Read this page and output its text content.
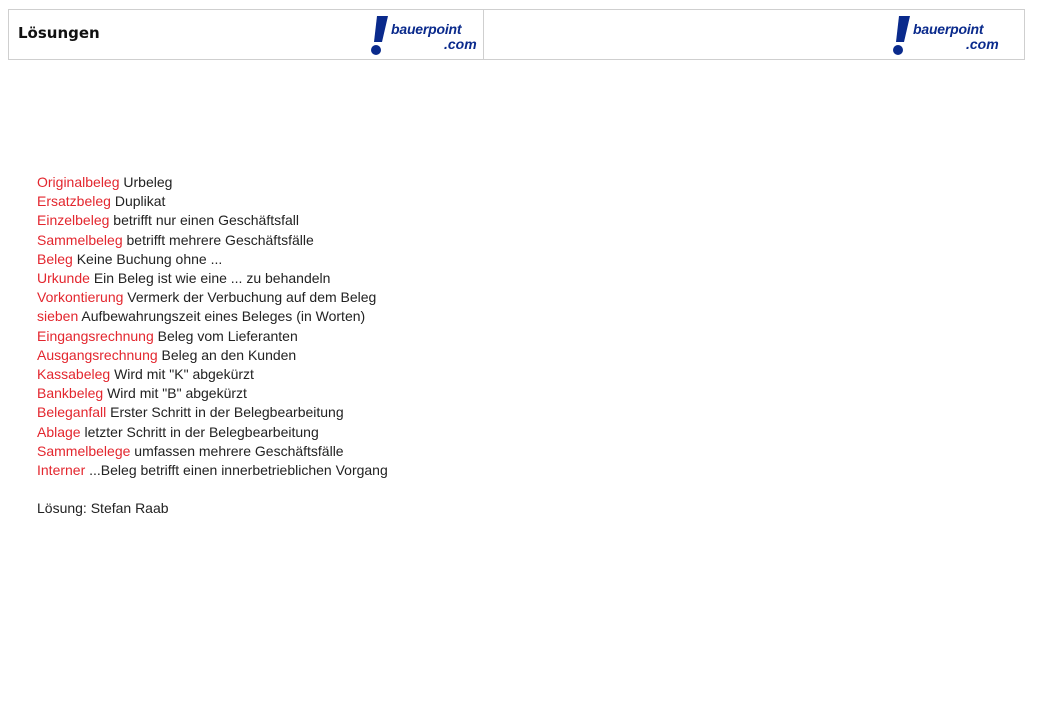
Lösungen	bauerpoint
.com
bauerpoint
.com
Originalbeleg Urbeleg
Ersatzbeleg Duplikat
Einzelbeleg betrifft nur einen Geschäftsfall
Sammelbeleg betrifft mehrere Geschäftsfälle
Beleg Keine Buchung ohne ...
Urkunde Ein Beleg ist wie eine ... zu behandeln
Vorkontierung Vermerk der Verbuchung auf dem Beleg
sieben Aufbewahrungszeit eines Beleges (in Worten)
Eingangsrechnung Beleg vom Lieferanten
Ausgangsrechnung Beleg an den Kunden
Kassabeleg Wird mit "K" abgekürzt
Bankbeleg Wird mit "B" abgekürzt
Beleganfall Erster Schritt in der Belegbearbeitung
Ablage letzter Schritt in der Belegbearbeitung
Sammelbelege umfassen mehrere Geschäftsfälle
Interner ...Beleg betrifft einen innerbetrieblichen Vorgang
Lösung: Stefan Raab
